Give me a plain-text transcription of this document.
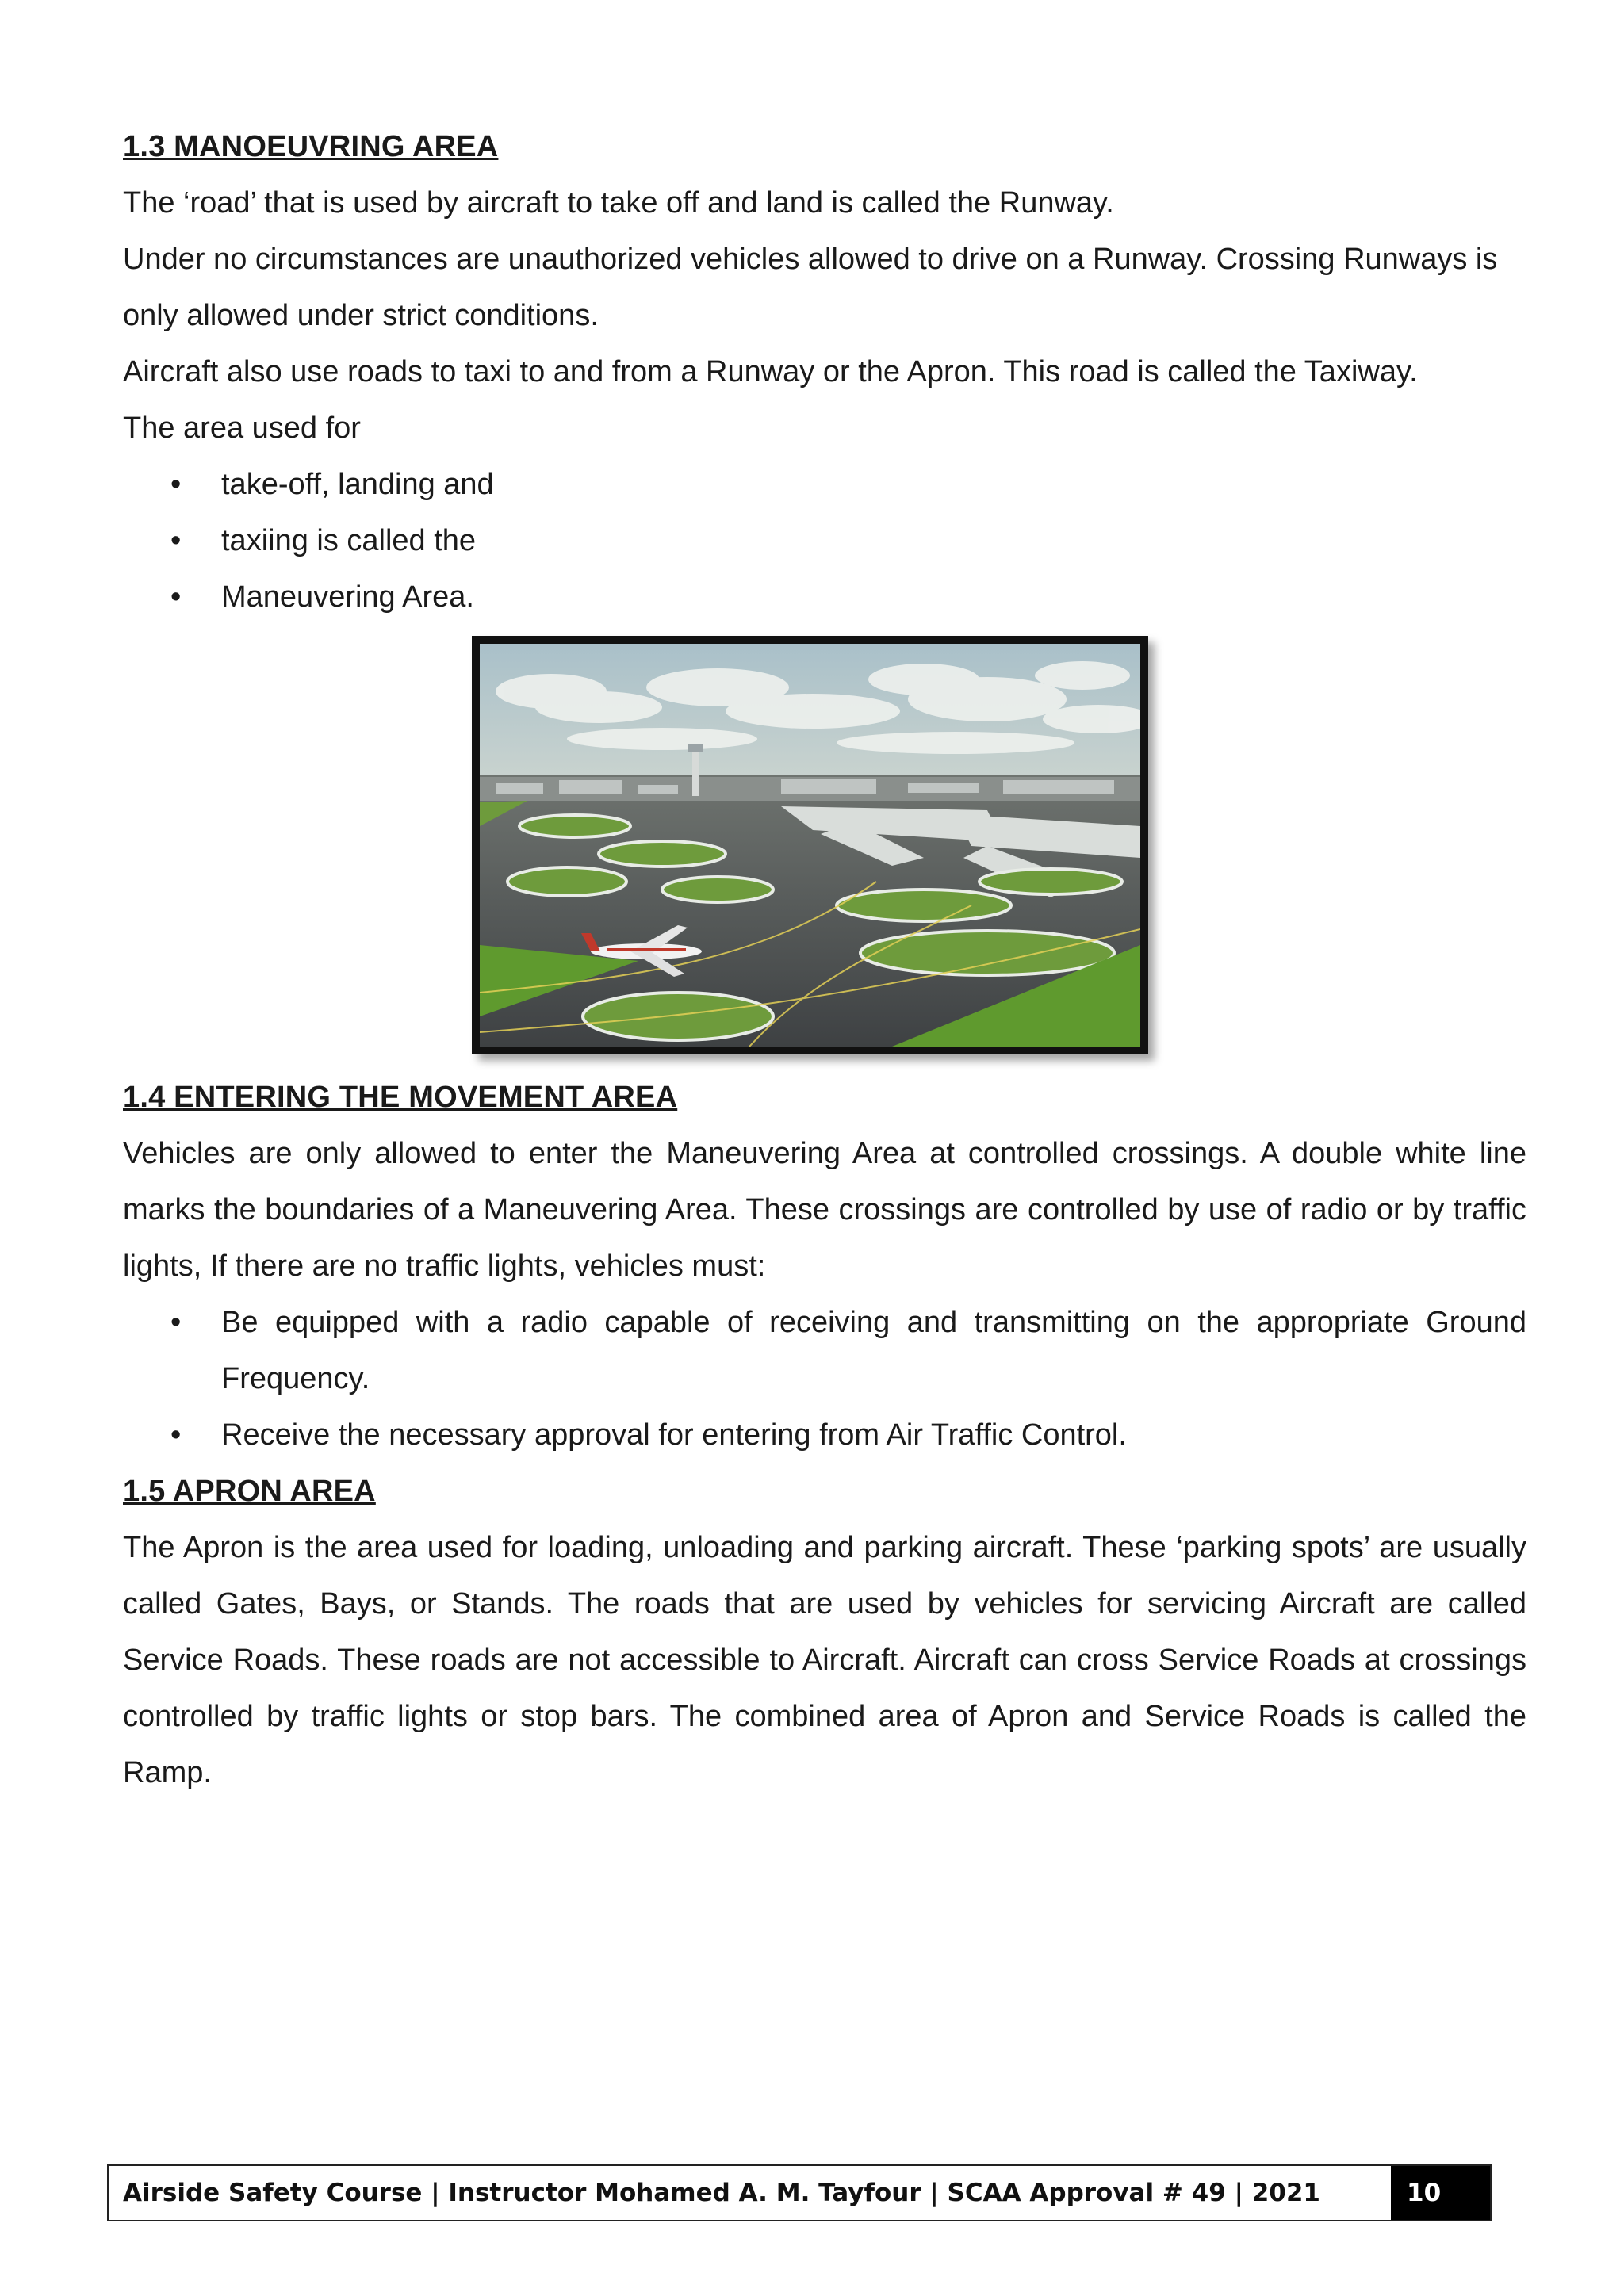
1.3 MANOEUVRING AREA

The ‘road’ that is used by aircraft to take off and land is called the Runway.

Under no circumstances are unauthorized vehicles allowed to drive on a Runway. Crossing Runways is only allowed under strict conditions.

Aircraft also use roads to taxi to and from a Runway or the Apron. This road is called the Taxiway.

The area used for

• take-off, landing and
• taxiing is called the
• Maneuvering Area.
1.4 ENTERING THE MOVEMENT AREA

Vehicles are only allowed to enter the Maneuvering Area at controlled crossings. A double white line marks the boundaries of a Maneuvering Area. These crossings are controlled by use of radio or by traffic lights, If there are no traffic lights, vehicles must:

• Be equipped with a radio capable of receiving and transmitting on the appropriate Ground Frequency.
• Receive the necessary approval for entering from Air Traffic Control.
1.5 APRON AREA

The Apron is the area used for loading, unloading and parking aircraft. These ‘parking spots’ are usually called Gates, Bays, or Stands. The roads that are used by vehicles for servicing Aircraft are called Service Roads. These roads are not accessible to Aircraft. Aircraft can cross Service Roads at crossings controlled by traffic lights or stop bars. The combined area of Apron and Service Roads is called the Ramp.

Airside Safety Course | Instructor Mohamed A. M. Tayfour | SCAA Approval # 49 | 2021	10
